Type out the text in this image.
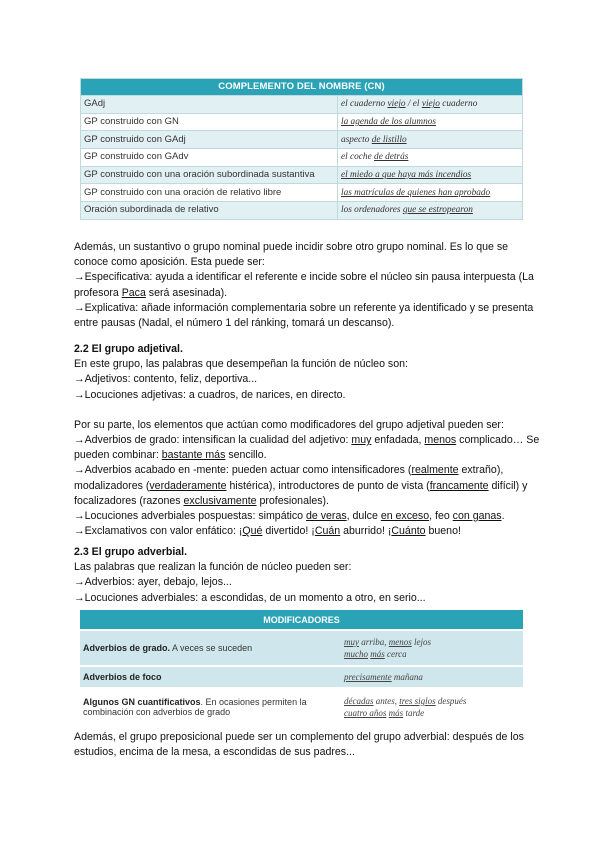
COMPLEMENTO DEL NOMBRE (CN)	
GAdj	el cuaderno viejo / el viejo cuaderno
GP construido con GN	la agenda de los alumnos
GP construido con GAdj	aspecto de listillo
GP construido con GAdv	el coche de detrás
GP construido con una oración subordinada sustantiva	el miedo a que haya más incendios
GP construido con una oración de relativo libre	las matrículas de quienes han aprobado
Oración subordinada de relativo	los ordenadores que se estropearon

Además, un sustantivo o grupo nominal puede incidir sobre otro grupo nominal. Es lo que se conoce como aposición. Esta puede ser:

→Especificativa: ayuda a identificar el referente e incide sobre el núcleo sin pausa interpuesta (La profesora Paca será asesinada).

→Explicativa: añade información complementaria sobre un referente ya identificado y se presenta entre pausas (Nadal, el número 1 del ránking, tomará un descanso).

2.2 El grupo adjetival.

En este grupo, las palabras que desempeñan la función de núcleo son:

→Adjetivos: contento, feliz, deportiva...

→Locuciones adjetivas: a cuadros, de narices, en directo.

Por su parte, los elementos que actúan como modificadores del grupo adjetival pueden ser:

→Adverbios de grado: intensifican la cualidad del adjetivo: muy enfadada, menos complicado… Se pueden combinar: bastante más sencillo.

→Adverbios acabado en -mente: pueden actuar como intensificadores (realmente extraño), modalizadores (verdaderamente histérica), introductores de punto de vista (francamente difícil) y focalizadores (razones exclusivamente profesionales).

→Locuciones adverbiales pospuestas: simpático de veras, dulce en exceso, feo con ganas.

→Exclamativos con valor enfático: ¡Qué divertido! ¡Cuán aburrido! ¡Cuánto bueno!

2.3 El grupo adverbial.

Las palabras que realizan la función de núcleo pueden ser:

→Adverbios: ayer, debajo, lejos...

→Locuciones adverbiales: a escondidas, de un momento a otro, en serio...

MODIFICADORES	
Adverbios de grado. A veces se suceden	muy arriba, menos lejos
mucho más cerca

Adverbios de foco	precisamente mañana
Algunos GN cuantificativos. En ocasiones permiten la combinación con adverbios de grado	décadas antes, tres siglos después
cuatro años más tarde

Además, el grupo preposicional puede ser un complemento del grupo adverbial: después de los estudios, encima de la mesa, a escondidas de sus padres...
